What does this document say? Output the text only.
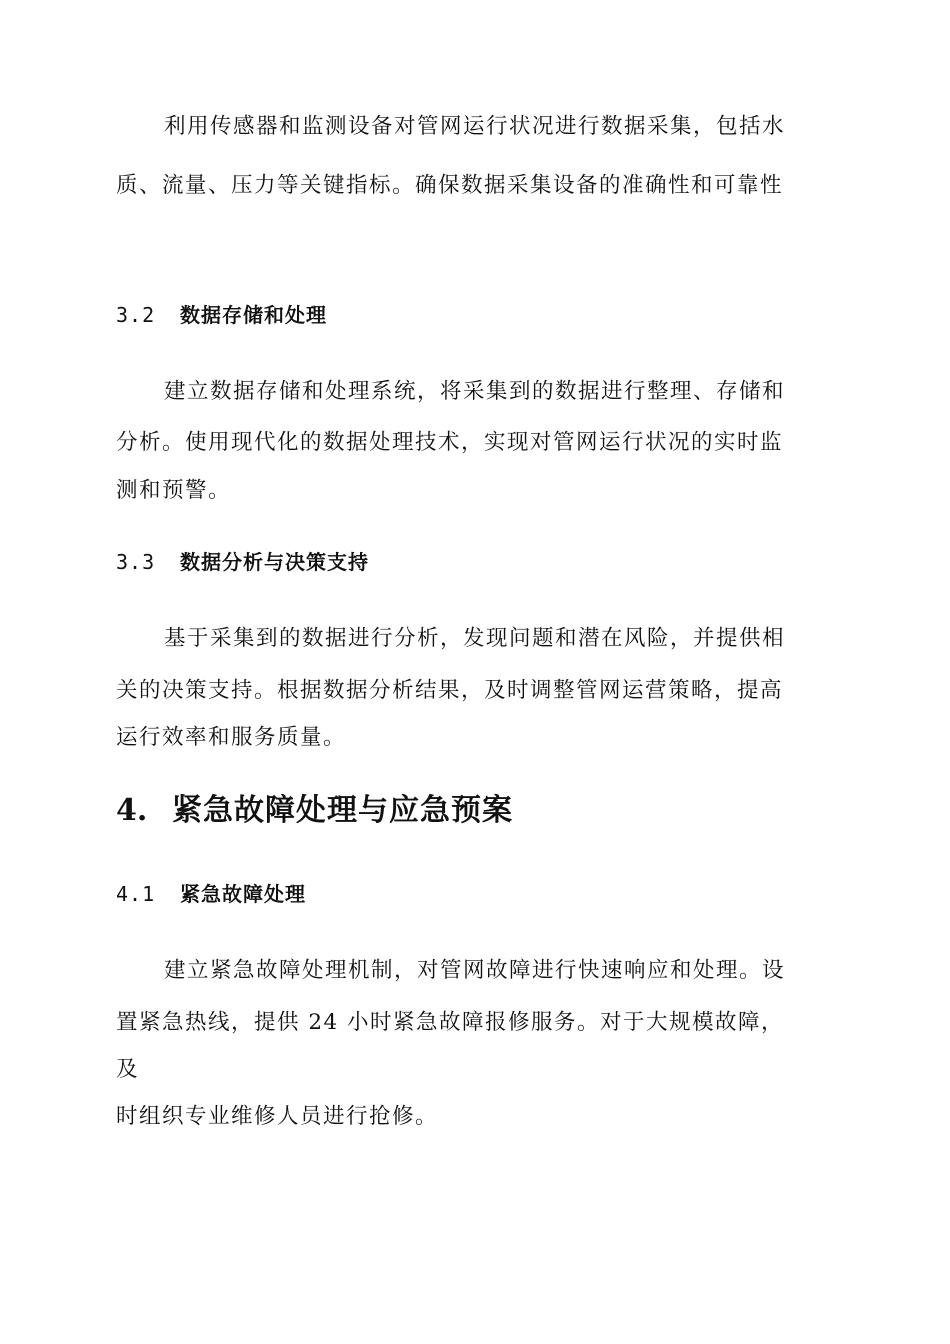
利用传感器和监测设备对管网运行状况进行数据采集，包括水
质、流量、压力等关键指标。确保数据采集设备的准确性和可靠性
3.2 数据存储和处理
建立数据存储和处理系统，将采集到的数据进行整理、存储和
分析。使用现代化的数据处理技术，实现对管网运行状况的实时监
测和预警。
3.3 数据分析与决策支持
基于采集到的数据进行分析，发现问题和潜在风险，并提供相
关的决策支持。根据数据分析结果，及时调整管网运营策略，提高
运行效率和服务质量。
4. 紧急故障处理与应急预案
4.1 紧急故障处理
建立紧急故障处理机制，对管网故障进行快速响应和处理。设
置紧急热线，提供 24 小时紧急故障报修服务。对于大规模故障，
及
时组织专业维修人员进行抢修。
